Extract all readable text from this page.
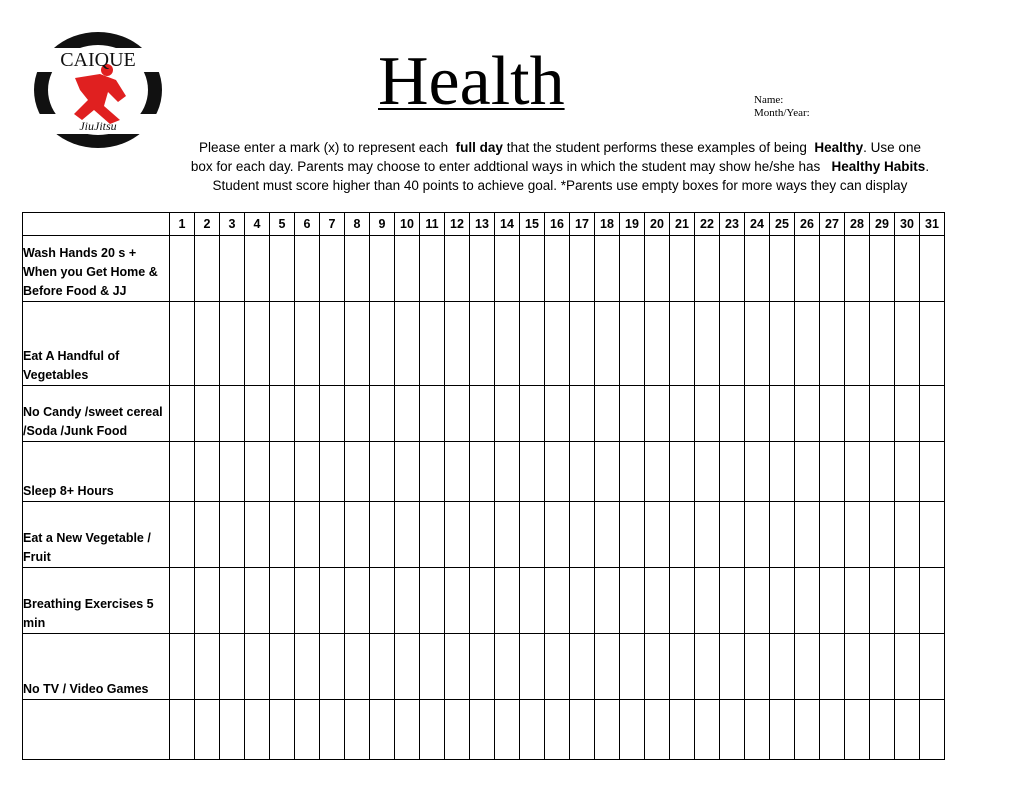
CAIQUE
JiuJitsu
Health	Name:
Month/Year:
Please enter a mark (x) to represent each full day that the student performs these examples of being Healthy. Use one
box for each day. Parents may choose to enter addtional ways in which the student may show he/she has Healthy Habits.
Student must score higher than 40 points to achieve goal. *Parents use empty boxes for more ways they can display
	1	2	3	4	5	6	7	8	9	10	11	12	13	14	15	16	17	18	19	20	21	22	23	24	25	26	27	28	29	30	31
Wash Hands 20 s + When you Get Home & Before Food & JJ																															
Eat A Handful of Vegetables																															
No Candy /sweet cereal /Soda /Junk Food																															
Sleep 8+ Hours																															
Eat a New Vegetable / Fruit																															
Breathing Exercises 5 min																															
No TV / Video Games																															
